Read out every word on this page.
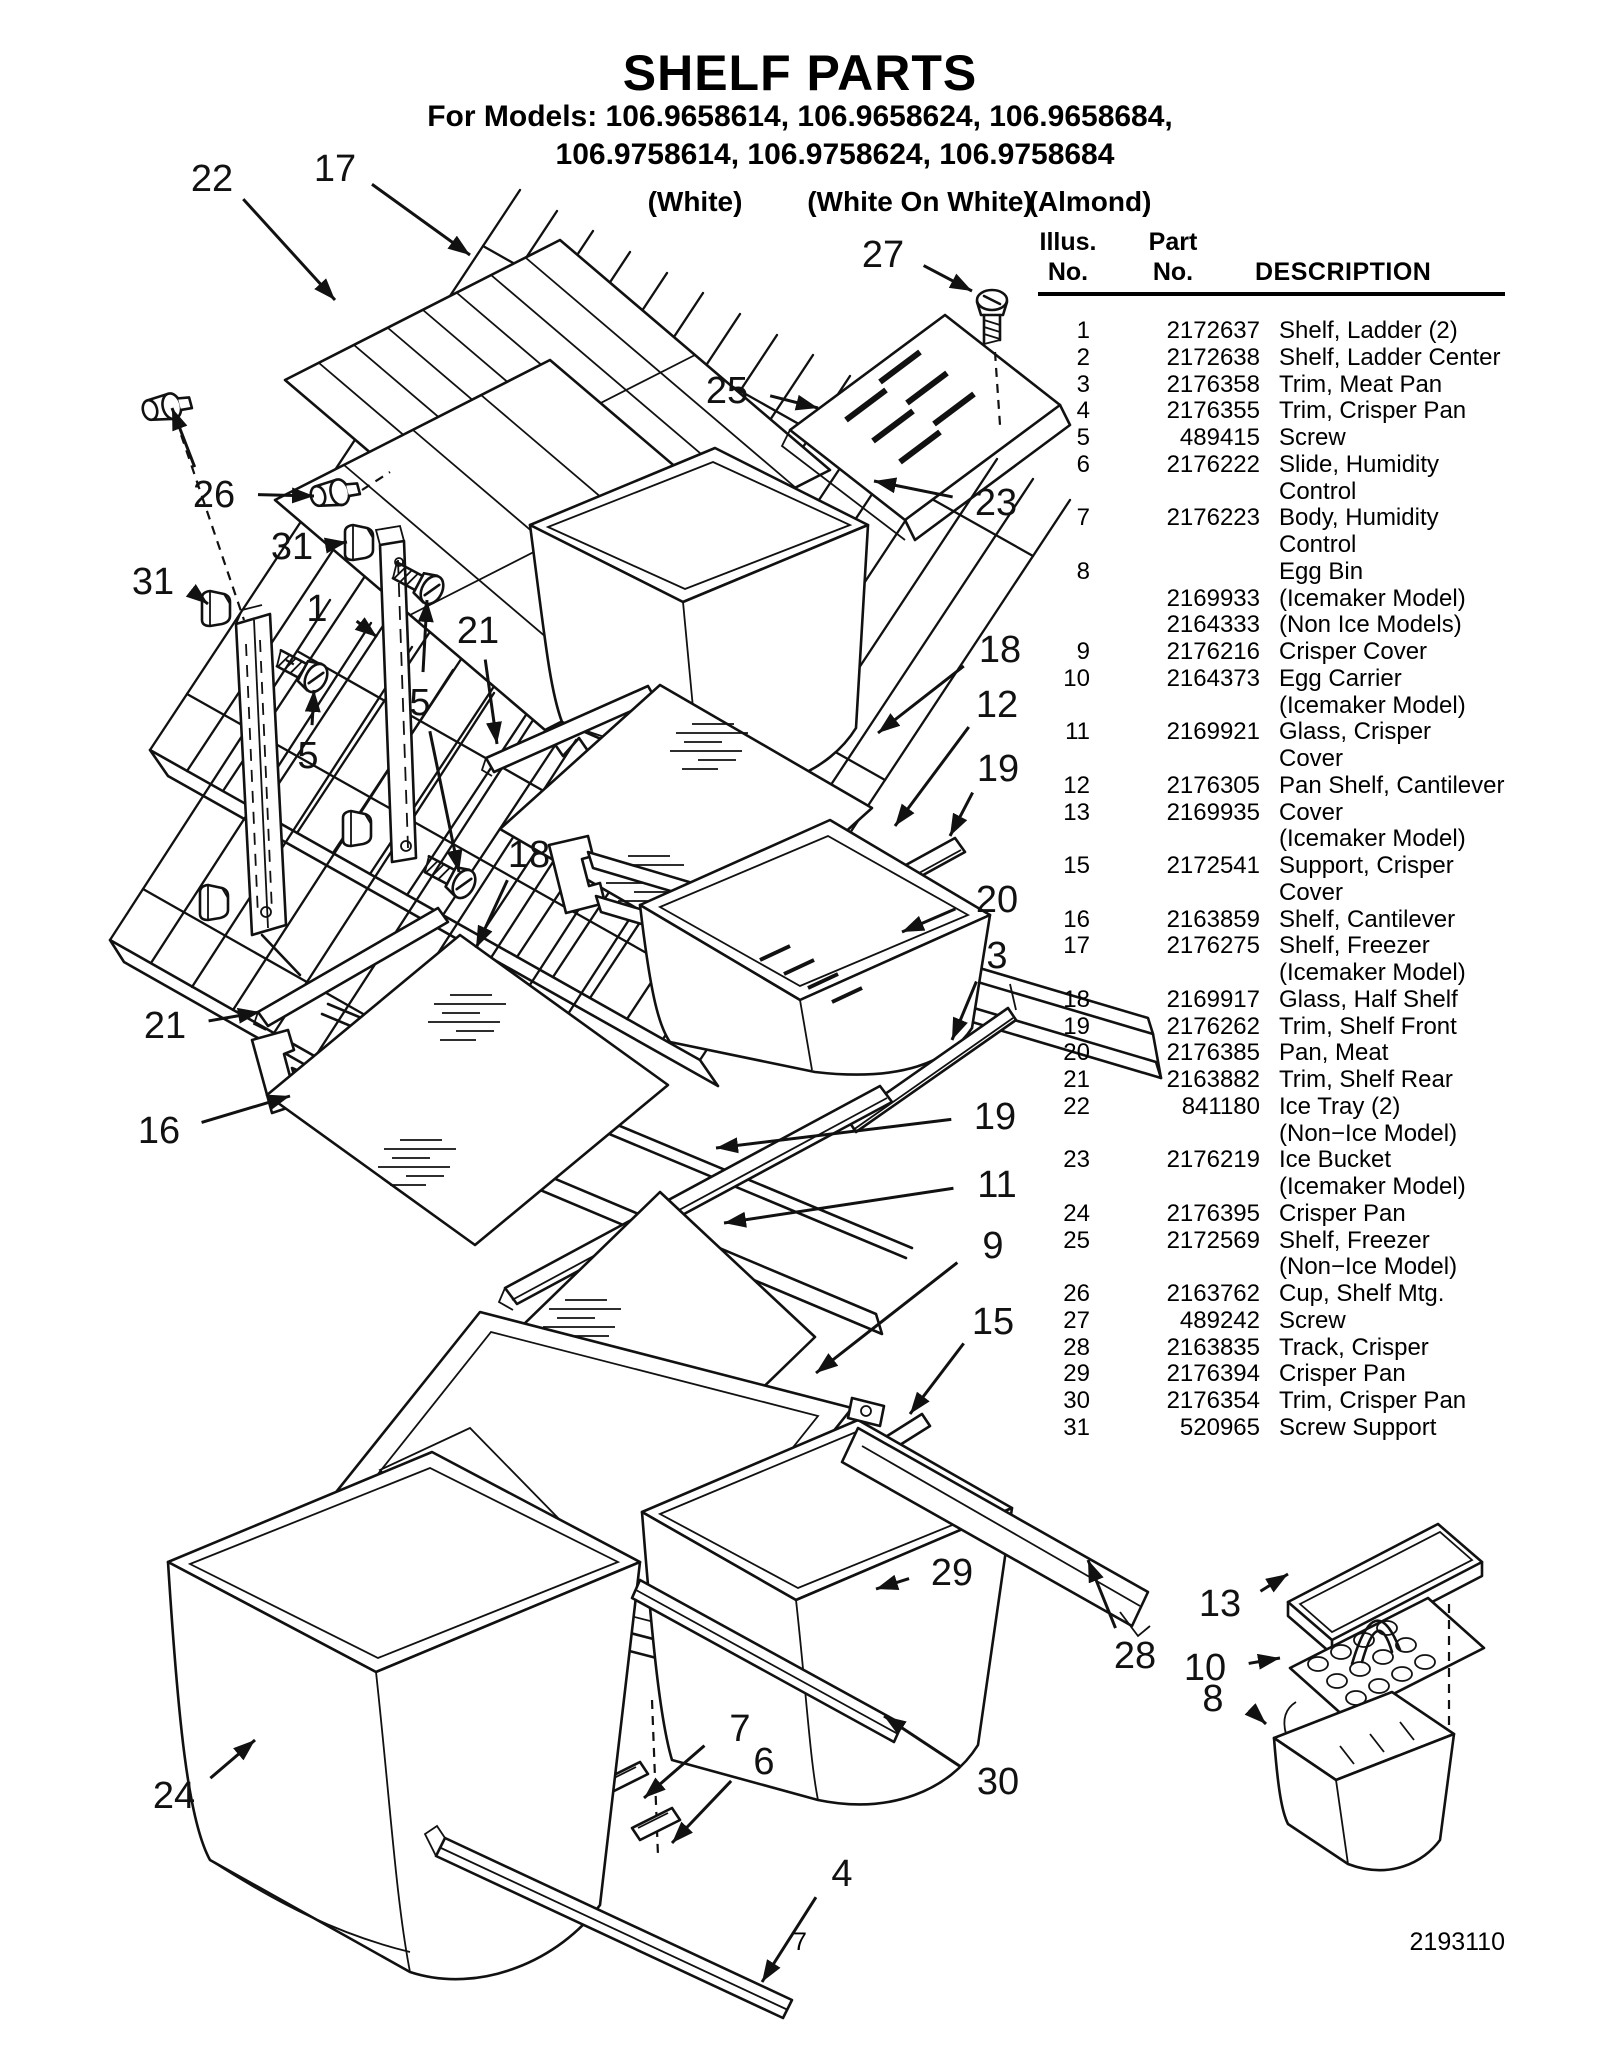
22 17
27
25
23
26
31
31
1
5
5
21	18
12
19
20
3
18
21
16	19
11
9
15
24
29
28
13
10
8
7
6	30
4
SHELF PARTS
For Models: 106.9658614, 106.9658624, 106.9658684,
106.9758614, 106.9758624, 106.9758684
(White)	(White On White)
(Almond)
Illus.
No.
Part
No.	DESCRIPTION
1	2172637 Shelf, Ladder (2)
2	2172638 Shelf, Ladder Center
3	2176358 Trim, Meat Pan
4	2176355 Trim, Crisper Pan
5	489415 Screw
6	2176222 Slide, Humidity
Control
7	2176223 Body, Humidity
Control
8	Egg Bin
2169933 (Icemaker Model)
2164333 (Non Ice Models)
9	2176216 Crisper Cover
10	2164373 Egg Carrier
(Icemaker Model)
11	2169921 Glass, Crisper
Cover
12	2176305 Pan Shelf, Cantilever
13	2169935 Cover
(Icemaker Model)
15	2172541 Support, Crisper
Cover
16	2163859 Shelf, Cantilever
17	2176275 Shelf, Freezer
(Icemaker Model)
18	2169917 Glass, Half Shelf
19	2176262 Trim, Shelf Front
20	2176385 Pan, Meat
21	2163882 Trim, Shelf Rear
22	841180 Ice Tray (2)
(Non−Ice Model)
23	2176219 Ice Bucket
(Icemaker Model)
24	2176395 Crisper Pan
25	2172569 Shelf, Freezer
(Non−Ice Model)
26	2163762 Cup, Shelf Mtg.
27	489242 Screw
28	2163835 Track, Crisper
29	2176394 Crisper Pan
30	2176354 Trim, Crisper Pan
31	520965 Screw Support
7	2193110
